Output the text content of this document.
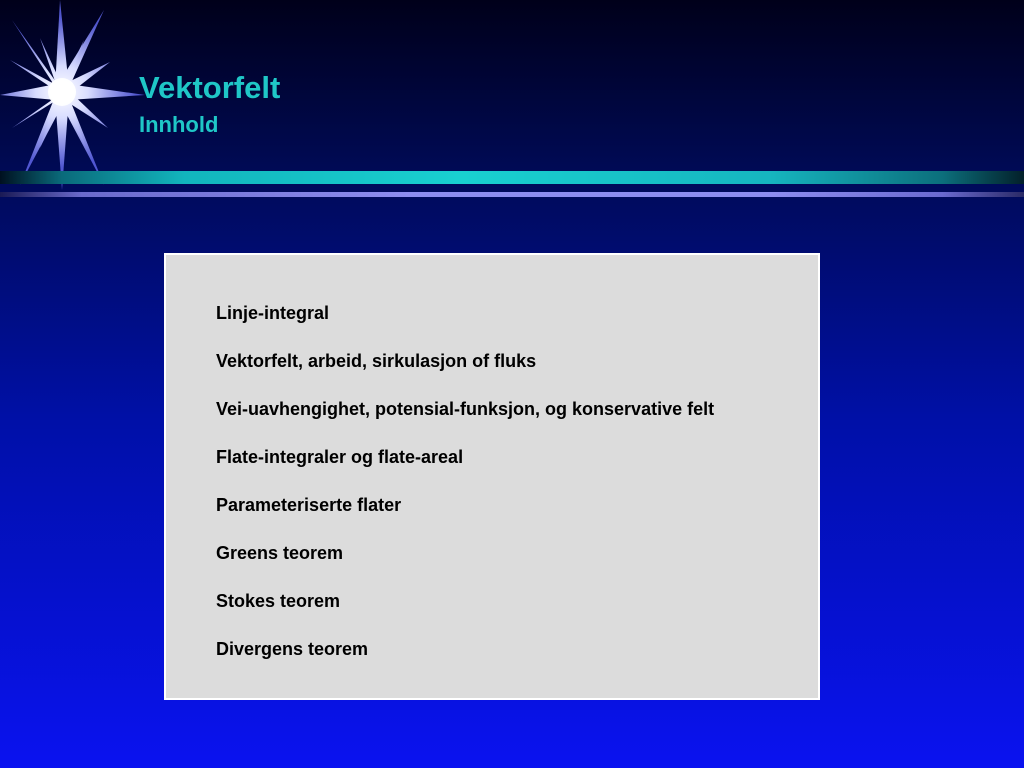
Vektorfelt
Innhold
Linje-integral
Vektorfelt, arbeid, sirkulasjon of fluks
Vei-uavhengighet, potensial-funksjon, og konservative felt
Flate-integraler og flate-areal
Parameteriserte flater
Greens teorem
Stokes teorem
Divergens teorem
